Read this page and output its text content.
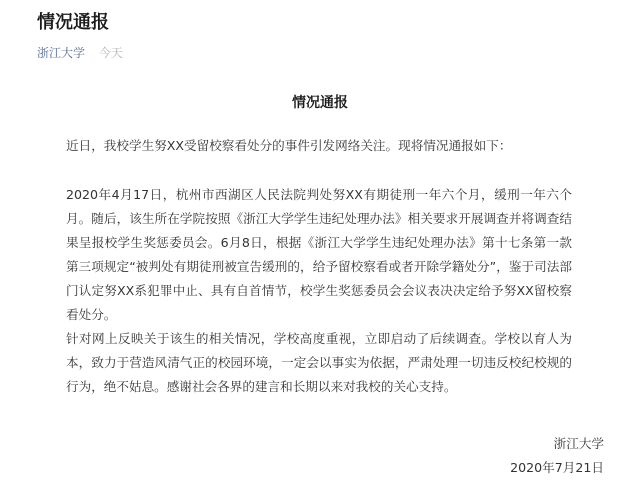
情况通报
浙江大学 今天
情况通报

近日，我校学生努XX受留校察看处分的事件引发网络关注。现将情况通报如下：

2020年4月17日，杭州市西湖区人民法院判处努XX有期徒刑一年六个月，缓刑一年六个月。随后，该生所在学院按照《浙江大学学生违纪处理办法》相关要求开展调查并将调查结果呈报校学生奖惩委员会。6月8日，根据《浙江大学学生违纪处理办法》第十七条第一款第三项规定“被判处有期徒刑被宣告缓刑的，给予留校察看或者开除学籍处分”，鉴于司法部门认定努XX系犯罪中止、具有自首情节，校学生奖惩委员会会议表决决定给予努XX留校察看处分。

针对网上反映关于该生的相关情况，学校高度重视，立即启动了后续调查。学校以育人为本，致力于营造风清气正的校园环境，一定会以事实为依据，严肃处理一切违反校纪校规的行为，绝不姑息。感谢社会各界的建言和长期以来对我校的关心支持。

浙江大学
2020年7月21日
